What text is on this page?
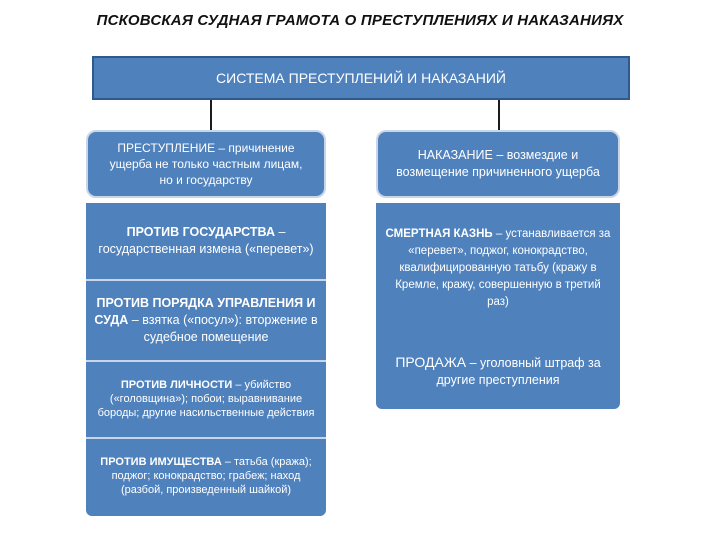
ПСКОВСКАЯ СУДНАЯ ГРАМОТА О ПРЕСТУПЛЕНИЯХ И НАКАЗАНИЯХ
СИСТЕМА ПРЕСТУПЛЕНИЙ И НАКАЗАНИЙ
ПРЕСТУПЛЕНИЕ – причинение ущерба не только частным лицам, но и государству
ПРОТИВ ГОСУДАРСТВА – государственная измена («перевет»)
ПРОТИВ ПОРЯДКА УПРАВЛЕНИЯ И СУДА – взятка («посул»): вторжение в судебное помещение
ПРОТИВ ЛИЧНОСТИ – убийство («головщина»); побои; выравнивание бороды; другие насильственные действия
ПРОТИВ ИМУЩЕСТВА – татьба (кража); поджог; конокрадство; грабеж; наход (разбой, произведенный шайкой)
НАКАЗАНИЕ – возмездие и возмещение причиненного ущерба
СМЕРТНАЯ КАЗНЬ – устанавливается за «перевет», поджог, конокрадство, квалифицированную татьбу (кражу в Кремле, кражу, совершенную в третий раз)
ПРОДАЖА – уголовный штраф за другие преступления
